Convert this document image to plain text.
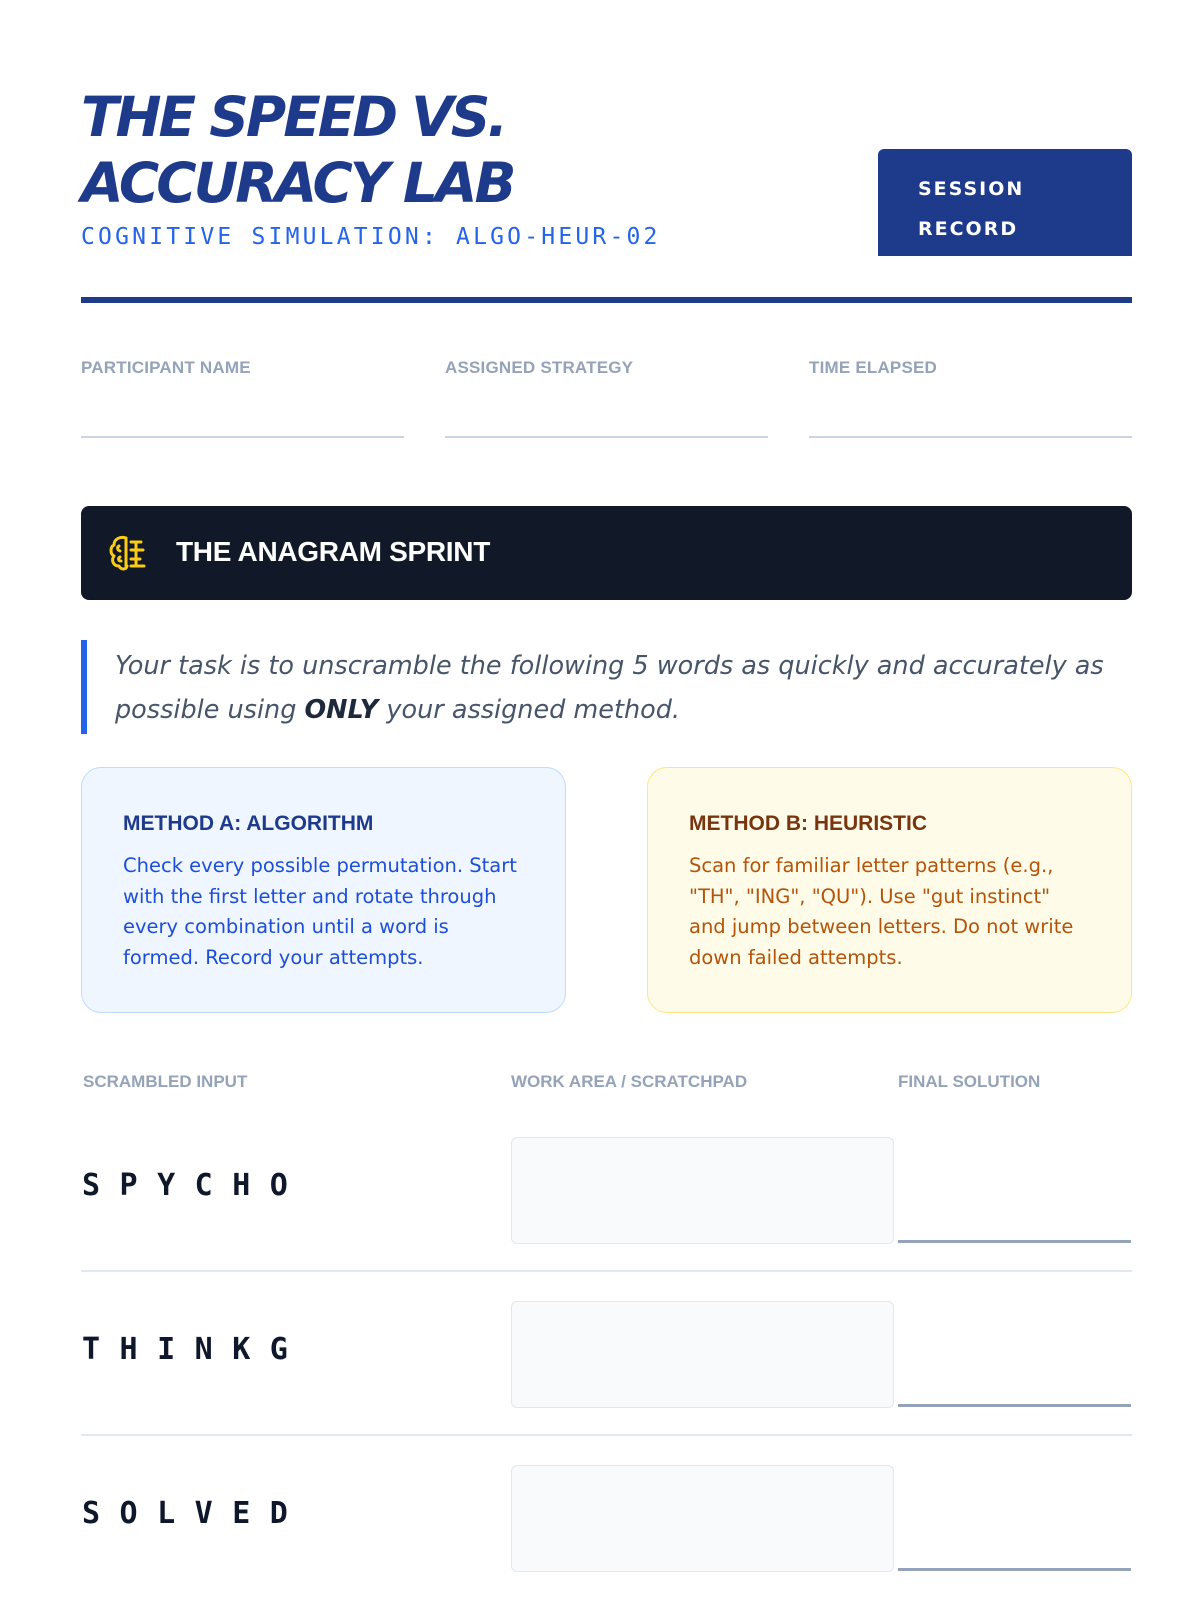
THE SPEED VS. ACCURACY LAB
COGNITIVE SIMULATION: ALGO-HEUR-02
SESSION
RECORD
PARTICIPANT NAME	ASSIGNED STRATEGY	TIME ELAPSED
THE ANAGRAM SPRINT
Your task is to unscramble the following 5 words as quickly and accurately as possible using ONLY your assigned method.
METHOD A: ALGORITHM
Check every possible permutation. Start with the first letter and rotate through every combination until a word is formed. Record your attempts.
METHOD B: HEURISTIC
Scan for familiar letter patterns (e.g., "TH", "ING", "QU"). Use "gut instinct" and jump between letters. Do not write down failed attempts.
SCRAMBLED INPUT	WORK AREA / SCRATCHPAD	FINAL SOLUTION
SPYCHO
THINKG
SOLVED
